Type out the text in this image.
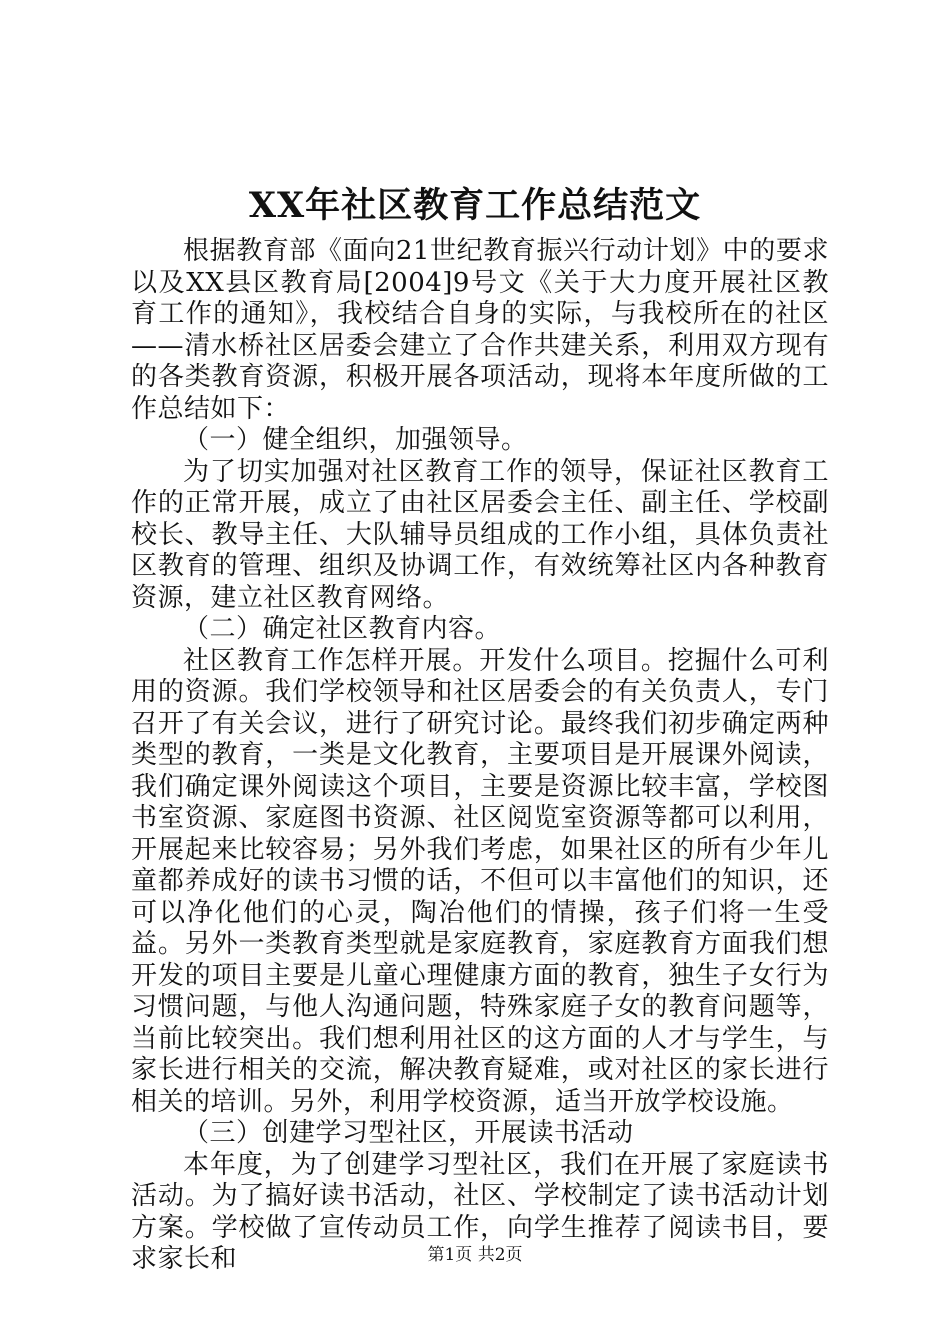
XX年社区教育工作总结范文

根据教育部《面向21世纪教育振兴行动计划》中的要求以及XX县区教育局[2004]9号文《关于大力度开展社区教育工作的通知》，我校结合自身的实际，与我校所在的社区——清水桥社区居委会建立了合作共建关系，利用双方现有的各类教育资源，积极开展各项活动，现将本年度所做的工作总结如下：

（一）健全组织，加强领导。

为了切实加强对社区教育工作的领导，保证社区教育工作的正常开展，成立了由社区居委会主任、副主任、学校副校长、教导主任、大队辅导员组成的工作小组，具体负责社区教育的管理、组织及协调工作，有效统筹社区内各种教育资源，建立社区教育网络。

（二）确定社区教育内容。

社区教育工作怎样开展。开发什么项目。挖掘什么可利用的资源。我们学校领导和社区居委会的有关负责人，专门召开了有关会议，进行了研究讨论。最终我们初步确定两种类型的教育，一类是文化教育，主要项目是开展课外阅读，我们确定课外阅读这个项目，主要是资源比较丰富，学校图书室资源、家庭图书资源、社区阅览室资源等都可以利用，开展起来比较容易；另外我们考虑，如果社区的所有少年儿童都养成好的读书习惯的话，不但可以丰富他们的知识，还可以净化他们的心灵，陶冶他们的情操，孩子们将一生受益。另外一类教育类型就是家庭教育，家庭教育方面我们想开发的项目主要是儿童心理健康方面的教育，独生子女行为习惯问题，与他人沟通问题，特殊家庭子女的教育问题等，当前比较突出。我们想利用社区的这方面的人才与学生，与家长进行相关的交流，解决教育疑难，或对社区的家长进行相关的培训。另外，利用学校资源，适当开放学校设施。

（三）创建学习型社区，开展读书活动

本年度，为了创建学习型社区，我们在开展了家庭读书活动。为了搞好读书活动，社区、学校制定了读书活动计划方案。学校做了宣传动员工作，向学生推荐了阅读书目，要求家长和	第1页 共2页
